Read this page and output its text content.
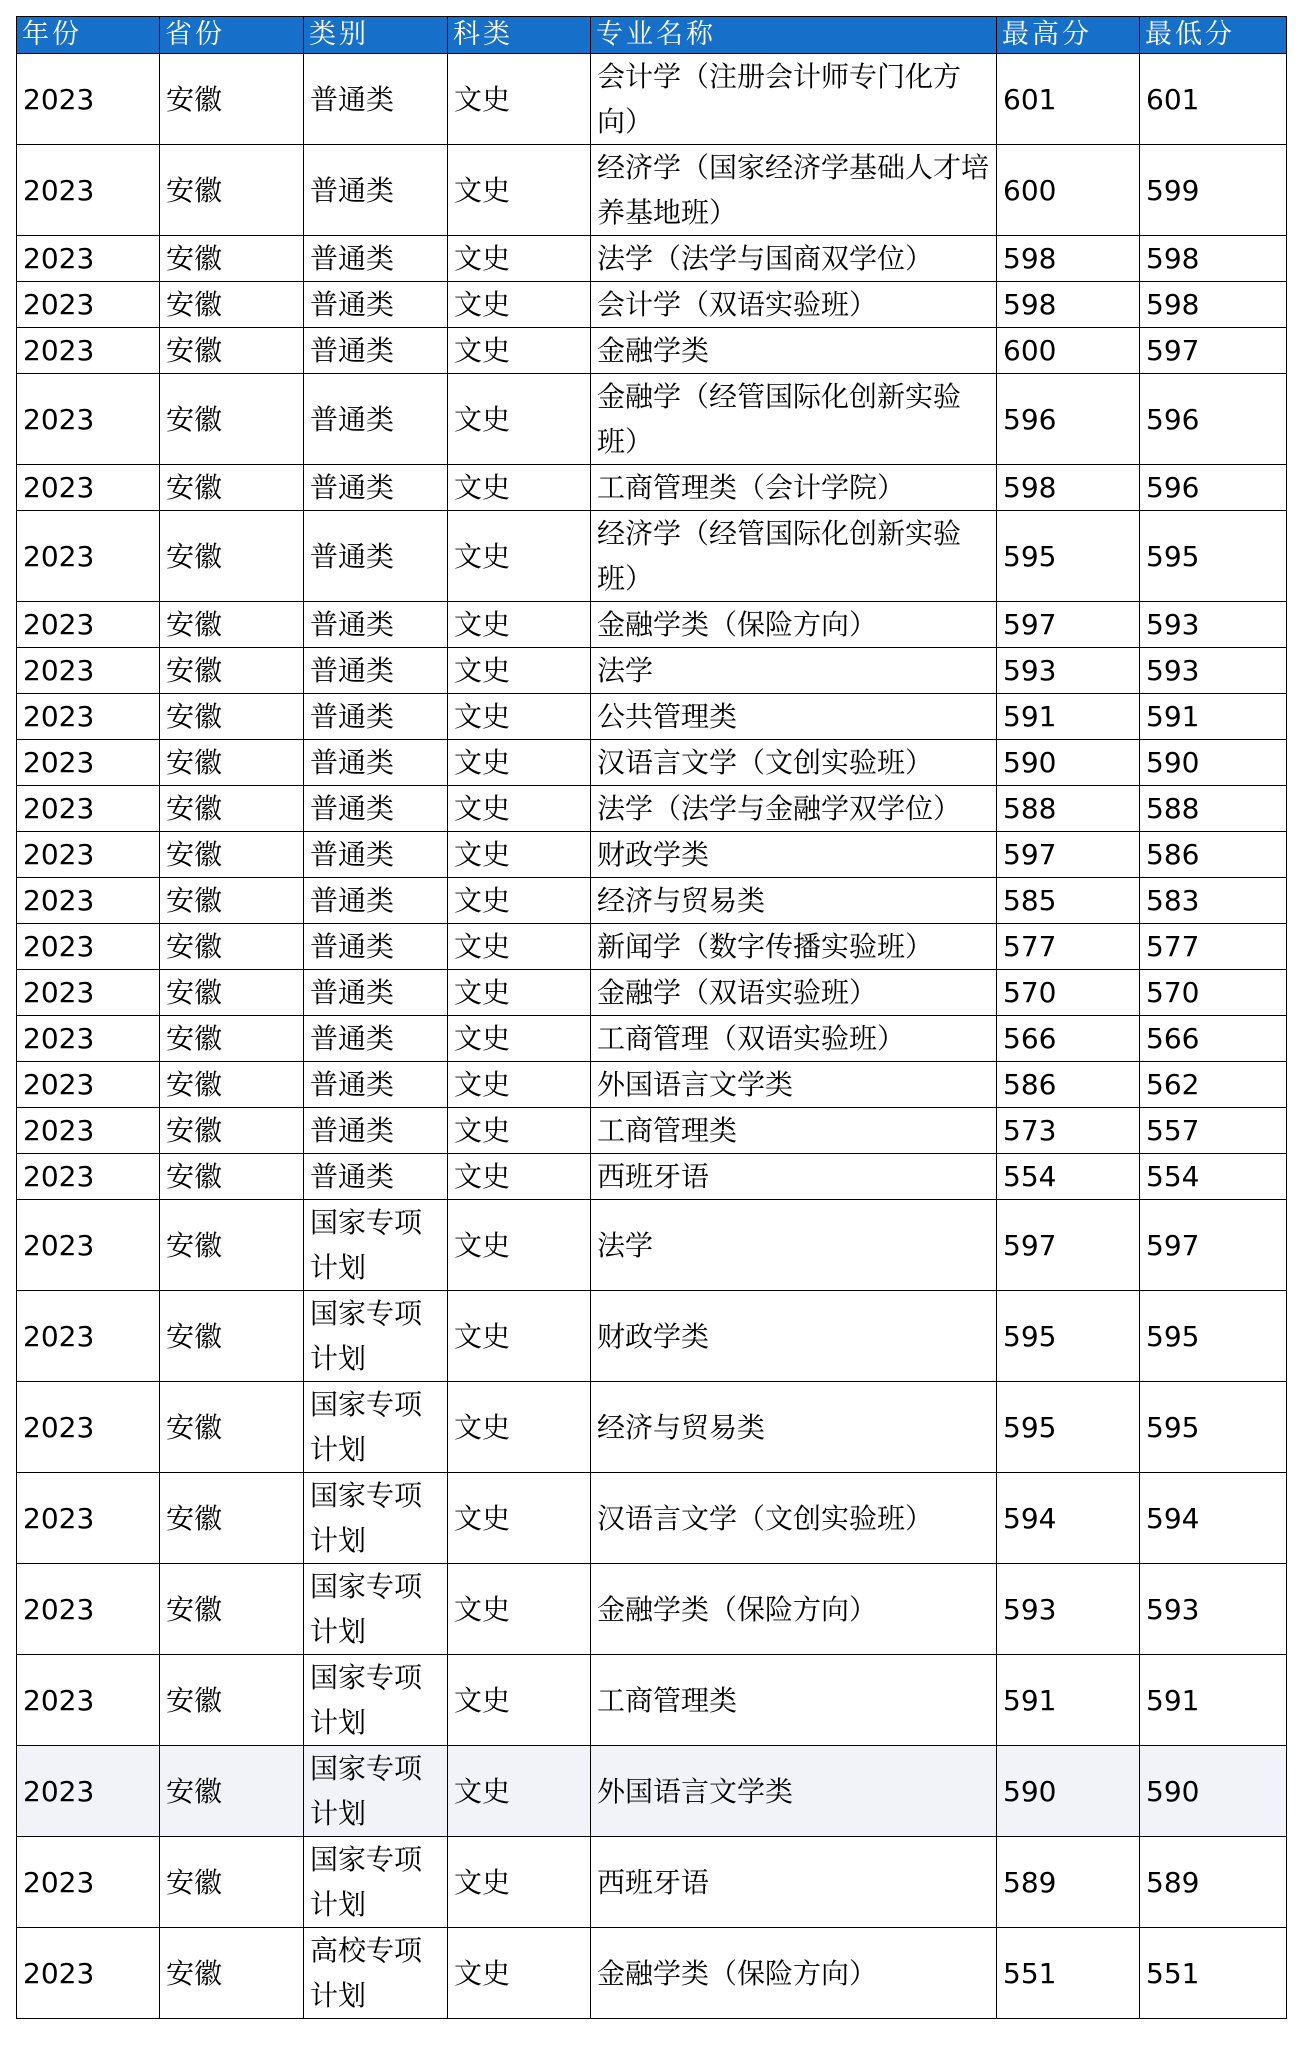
年份	省份	类别	科类	专业名称	最高分	最低分
2023	安徽	普通类	文史	会计学（注册会计师专门化方向）	601	601
2023	安徽	普通类	文史	经济学（国家经济学基础人才培养基地班）	600	599
2023	安徽	普通类	文史	法学（法学与国商双学位）	598	598
2023	安徽	普通类	文史	会计学（双语实验班）	598	598
2023	安徽	普通类	文史	金融学类	600	597
2023	安徽	普通类	文史	金融学（经管国际化创新实验班）	596	596
2023	安徽	普通类	文史	工商管理类（会计学院）	598	596
2023	安徽	普通类	文史	经济学（经管国际化创新实验班）	595	595
2023	安徽	普通类	文史	金融学类（保险方向）	597	593
2023	安徽	普通类	文史	法学	593	593
2023	安徽	普通类	文史	公共管理类	591	591
2023	安徽	普通类	文史	汉语言文学（文创实验班）	590	590
2023	安徽	普通类	文史	法学（法学与金融学双学位）	588	588
2023	安徽	普通类	文史	财政学类	597	586
2023	安徽	普通类	文史	经济与贸易类	585	583
2023	安徽	普通类	文史	新闻学（数字传播实验班）	577	577
2023	安徽	普通类	文史	金融学（双语实验班）	570	570
2023	安徽	普通类	文史	工商管理（双语实验班）	566	566
2023	安徽	普通类	文史	外国语言文学类	586	562
2023	安徽	普通类	文史	工商管理类	573	557
2023	安徽	普通类	文史	西班牙语	554	554
2023	安徽	国家专项计划	文史	法学	597	597
2023	安徽	国家专项计划	文史	财政学类	595	595
2023	安徽	国家专项计划	文史	经济与贸易类	595	595
2023	安徽	国家专项计划	文史	汉语言文学（文创实验班）	594	594
2023	安徽	国家专项计划	文史	金融学类（保险方向）	593	593
2023	安徽	国家专项计划	文史	工商管理类	591	591
2023	安徽	国家专项计划	文史	外国语言文学类	590	590
2023	安徽	国家专项计划	文史	西班牙语	589	589
2023	安徽	高校专项计划	文史	金融学类（保险方向）	551	551
